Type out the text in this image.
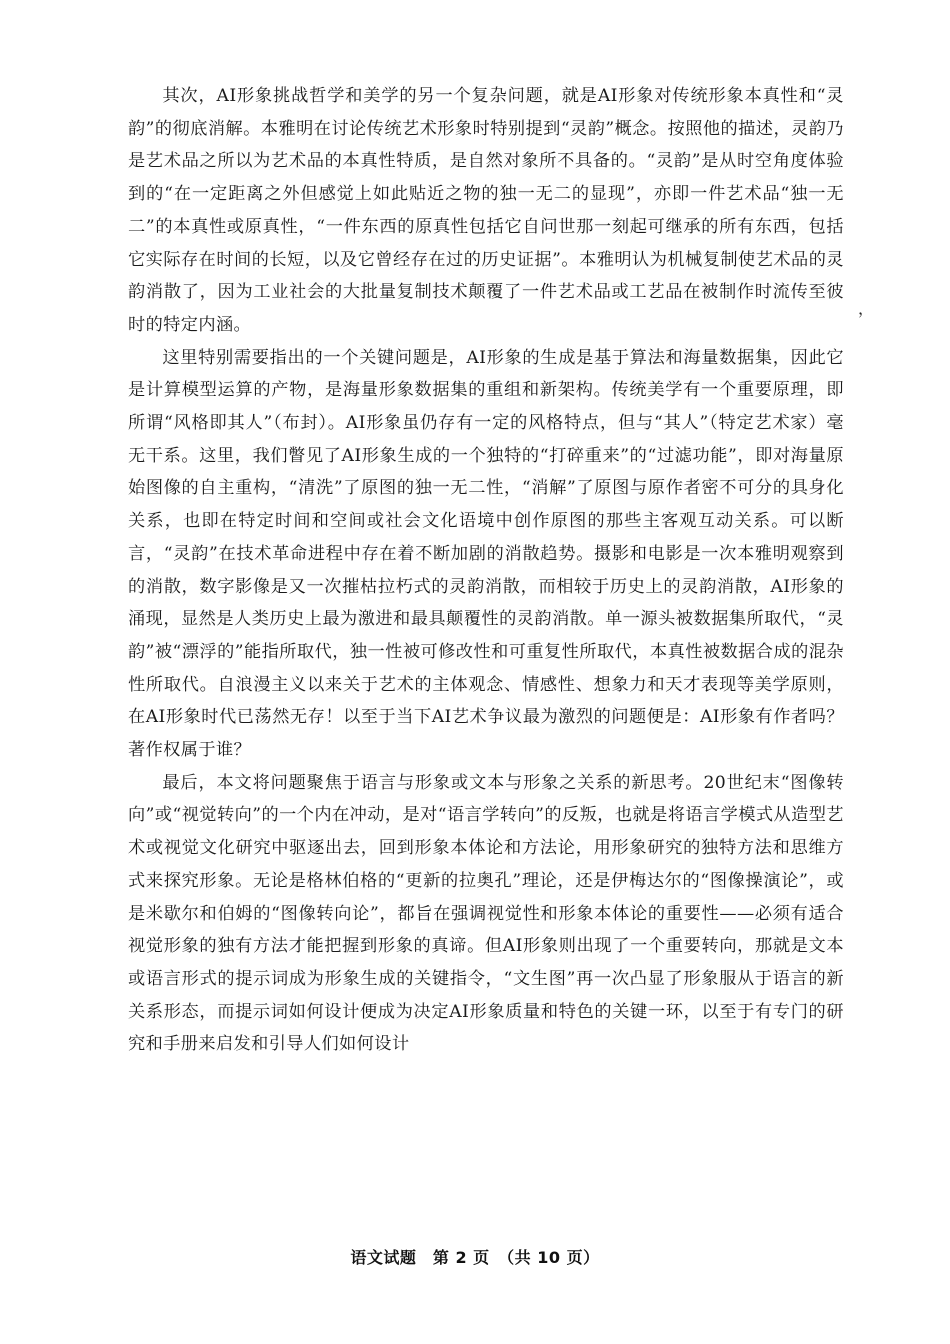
其次，AI形象挑战哲学和美学的另一个复杂问题，就是AI形象对传统形象本真性和“灵韵”的彻底消解。本雅明在讨论传统艺术形象时特别提到“灵韵”概念。按照他的描述，灵韵乃是艺术品之所以为艺术品的本真性特质，是自然对象所不具备的。“灵韵”是从时空角度体验到的“在一定距离之外但感觉上如此贴近之物的独一无二的显现”，亦即一件艺术品“独一无二”的本真性或原真性，“一件东西的原真性包括它自问世那一刻起可继承的所有东西，包括它实际存在时间的长短，以及它曾经存在过的历史证据”。本雅明认为机械复制使艺术品的灵韵消散了，因为工业社会的大批量复制技术颠覆了一件艺术品或工艺品在被制作时流传至彼时的特定内涵。

这里特别需要指出的一个关键问题是，AI形象的生成是基于算法和海量数据集，因此它是计算模型运算的产物，是海量形象数据集的重组和新架构。传统美学有一个重要原理，即所谓“风格即其人”（布封）。AI形象虽仍存有一定的风格特点，但与“其人”（特定艺术家）毫无干系。这里，我们瞥见了AI形象生成的一个独特的“打碎重来”的“过滤功能”，即对海量原始图像的自主重构，“清洗”了原图的独一无二性，“消解”了原图与原作者密不可分的具身化关系，也即在特定时间和空间或社会文化语境中创作原图的那些主客观互动关系。可以断言，“灵韵”在技术革命进程中存在着不断加剧的消散趋势。摄影和电影是一次本雅明观察到的消散，数字影像是又一次摧枯拉朽式的灵韵消散，而相较于历史上的灵韵消散，AI形象的涌现，显然是人类历史上最为激进和最具颠覆性的灵韵消散。单一源头被数据集所取代，“灵韵”被“漂浮的”能指所取代，独一性被可修改性和可重复性所取代，本真性被数据合成的混杂性所取代。自浪漫主义以来关于艺术的主体观念、情感性、想象力和天才表现等美学原则，在AI形象时代已荡然无存！以至于当下AI艺术争议最为激烈的问题便是：AI形象有作者吗？著作权属于谁？

最后，本文将问题聚焦于语言与形象或文本与形象之关系的新思考。20世纪末“图像转向”或“视觉转向”的一个内在冲动，是对“语言学转向”的反叛，也就是将语言学模式从造型艺术或视觉文化研究中驱逐出去，回到形象本体论和方法论，用形象研究的独特方法和思维方式来探究形象。无论是格林伯格的“更新的拉奥孔”理论，还是伊梅达尔的“图像操演论”，或是米歇尔和伯姆的“图像转向论”，都旨在强调视觉性和形象本体论的重要性——必须有适合视觉形象的独有方法才能把握到形象的真谛。但AI形象则出现了一个重要转向，那就是文本或语言形式的提示词成为形象生成的关键指令，“文生图”再一次凸显了形象服从于语言的新关系形态，而提示词如何设计便成为决定AI形象质量和特色的关键一环，以至于有专门的研究和手册来启发和引导人们如何设计

，
语文试题　第 2 页　（共 10 页）
